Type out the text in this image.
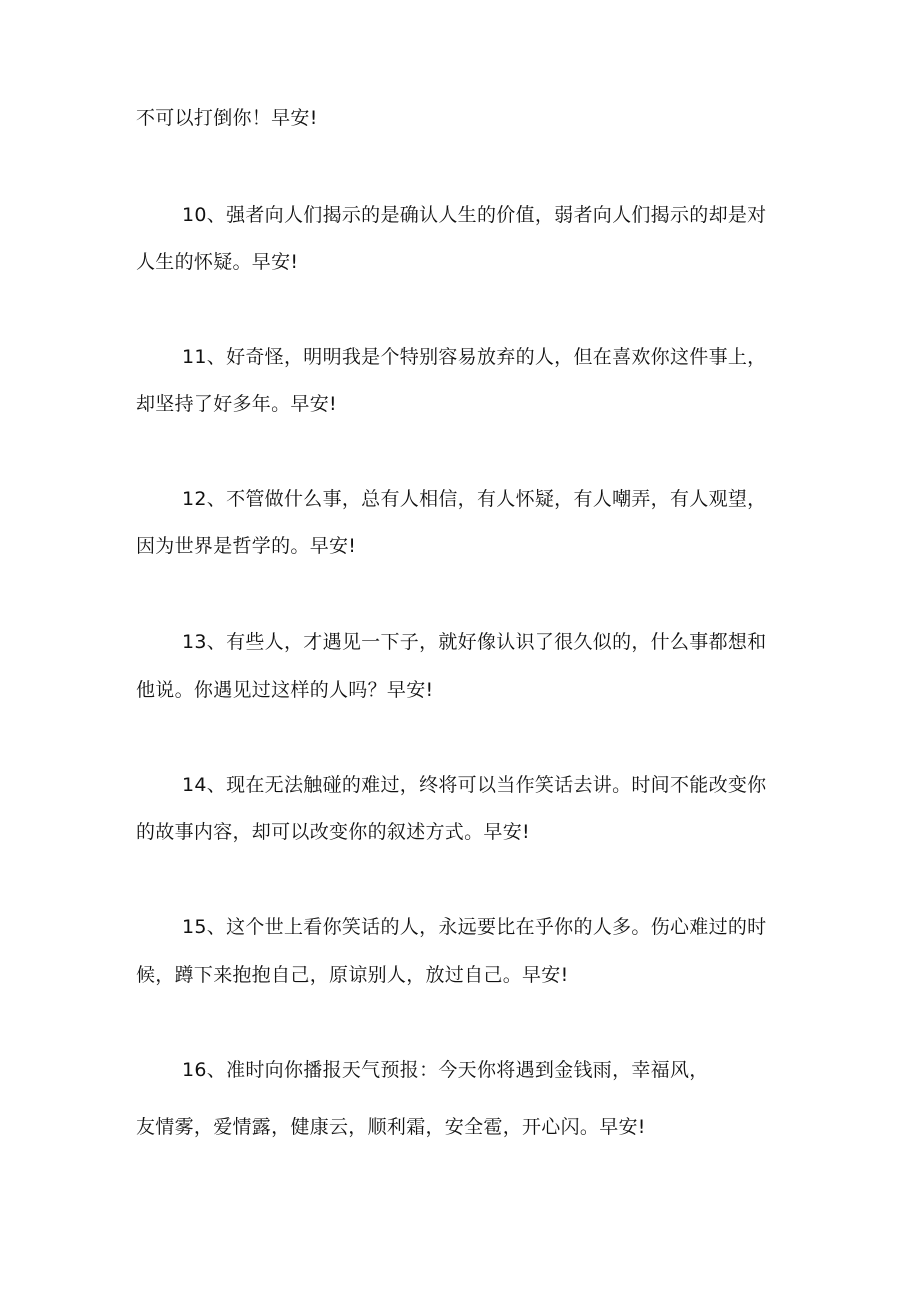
不可以打倒你！早安!
10、强者向人们揭示的是确认人生的价值，弱者向人们揭示的却是对
人生的怀疑。早安!
11、好奇怪，明明我是个特别容易放弃的人，但在喜欢你这件事上，
却坚持了好多年。早安!
12、不管做什么事，总有人相信，有人怀疑，有人嘲弄，有人观望，
因为世界是哲学的。早安!
13、有些人，才遇见一下子，就好像认识了很久似的，什么事都想和
他说。你遇见过这样的人吗？早安!
14、现在无法触碰的难过，终将可以当作笑话去讲。时间不能改变你
的故事内容，却可以改变你的叙述方式。早安!
15、这个世上看你笑话的人，永远要比在乎你的人多。伤心难过的时
候，蹲下来抱抱自己，原谅别人，放过自己。早安!
16、准时向你播报天气预报：今天你将遇到金钱雨，幸福风，
友情雾，爱情露，健康云，顺利霜，安全雹，开心闪。早安!
